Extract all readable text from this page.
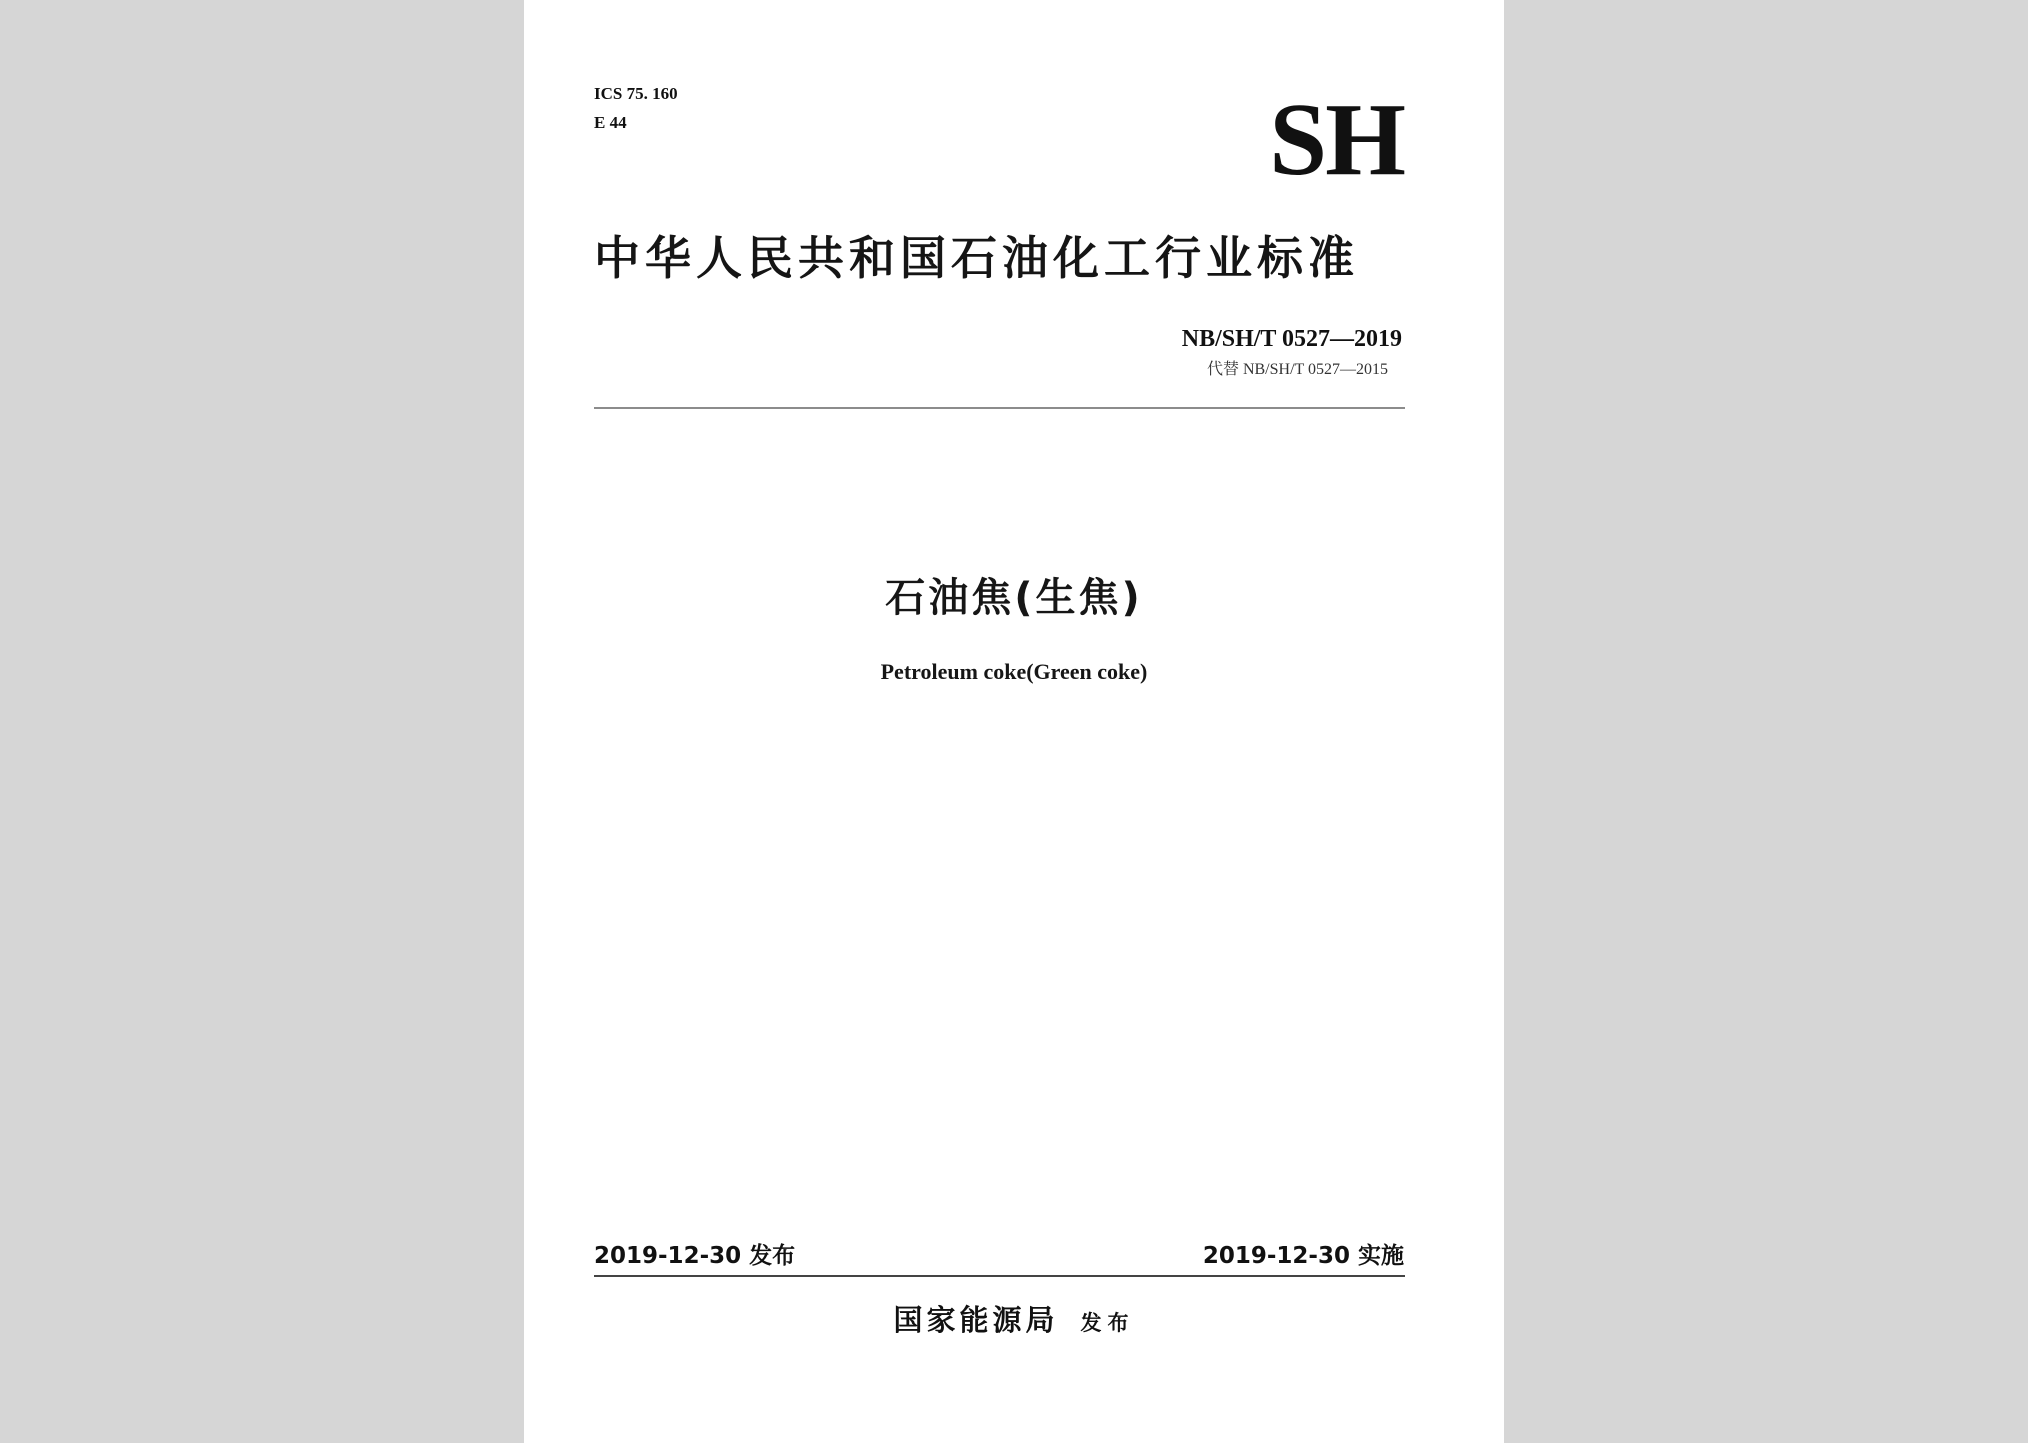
ICS 75. 160
E 44	SH
中华人民共和国石油化工行业标准
NB/SH/T 0527—2019
代替 NB/SH/T 0527—2015
石油焦(生焦)
Petroleum coke(Green coke)
2019-12-30 发布	2019-12-30 实施
国家能源局 发布
